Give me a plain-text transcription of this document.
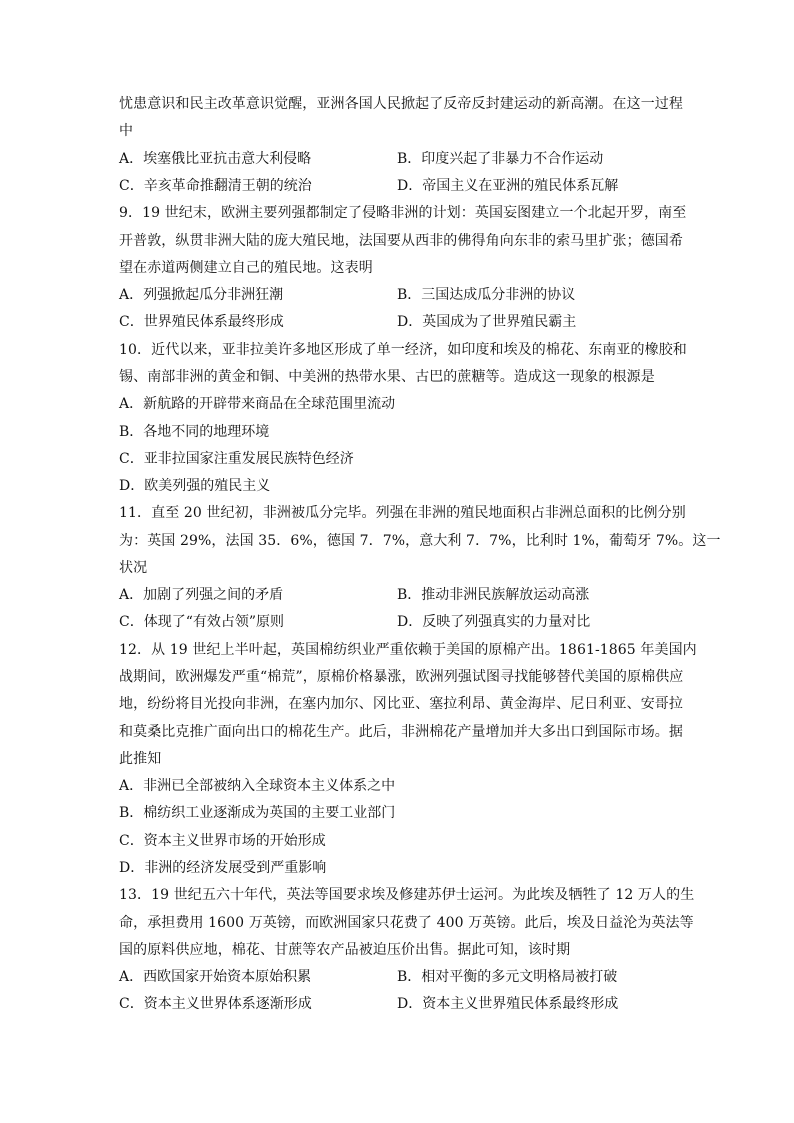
忧患意识和民主改革意识觉醒，亚洲各国人民掀起了反帝反封建运动的新高潮。在这一过程
中
A．埃塞俄比亚抗击意大利侵略	B．印度兴起了非暴力不合作运动
C．辛亥革命推翻清王朝的统治	D．帝国主义在亚洲的殖民体系瓦解
9．19 世纪末，欧洲主要列强都制定了侵略非洲的计划：英国妄图建立一个北起开罗，南至
开普敦，纵贯非洲大陆的庞大殖民地，法国要从西非的佛得角向东非的索马里扩张；德国希
望在赤道两侧建立自己的殖民地。这表明
A．列强掀起瓜分非洲狂潮	B．三国达成瓜分非洲的协议
C．世界殖民体系最终形成	D．英国成为了世界殖民霸主
10．近代以来，亚非拉美许多地区形成了单一经济，如印度和埃及的棉花、东南亚的橡胶和
锡、南部非洲的黄金和铜、中美洲的热带水果、古巴的蔗糖等。造成这一现象的根源是
A．新航路的开辟带来商品在全球范围里流动
B．各地不同的地理环境
C．亚非拉国家注重发展民族特色经济
D．欧美列强的殖民主义
11．直至 20 世纪初，非洲被瓜分完毕。列强在非洲的殖民地面积占非洲总面积的比例分别
为：英国 29%，法国 35．6%，德国 7．7%，意大利 7．7%，比利时 1%，葡萄牙 7%。这一
状况
A．加剧了列强之间的矛盾	B．推动非洲民族解放运动高涨
C．体现了“有效占领”原则	D．反映了列强真实的力量对比
12．从 19 世纪上半叶起，英国棉纺织业严重依赖于美国的原棉产出。1861-1865 年美国内
战期间，欧洲爆发严重“棉荒”，原棉价格暴涨，欧洲列强试图寻找能够替代美国的原棉供应
地，纷纷将目光投向非洲，在塞内加尔、冈比亚、塞拉利昂、黄金海岸、尼日利亚、安哥拉
和莫桑比克推广面向出口的棉花生产。此后，非洲棉花产量增加并大多出口到国际市场。据
此推知
A．非洲已全部被纳入全球资本主义体系之中
B．棉纺织工业逐渐成为英国的主要工业部门
C．资本主义世界市场的开始形成
D．非洲的经济发展受到严重影响
13．19 世纪五六十年代，英法等国要求埃及修建苏伊士运河。为此埃及牺牲了 12 万人的生
命，承担费用 1600 万英镑，而欧洲国家只花费了 400 万英镑。此后，埃及日益沦为英法等
国的原料供应地，棉花、甘蔗等农产品被迫压价出售。据此可知，该时期
A．西欧国家开始资本原始积累	B．相对平衡的多元文明格局被打破
C．资本主义世界体系逐渐形成	D．资本主义世界殖民体系最终形成
